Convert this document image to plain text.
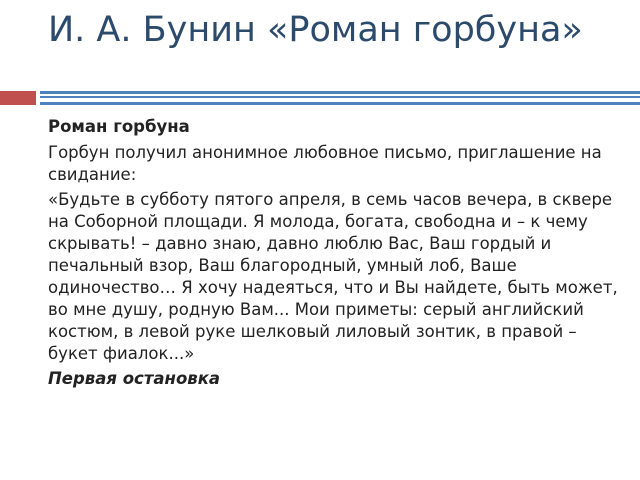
И. А. Бунин «Роман горбуна»

Роман горбуна

Горбун получил анонимное любовное письмо, приглашение на свидание:

«Будьте в субботу пятого апреля, в семь часов вечера, в сквере на Соборной площади. Я молода, богата, свободна и – к чему скрывать! – давно знаю, давно люблю Вас, Ваш гордый и печальный взор, Ваш благородный, умный лоб, Ваше одиночество… Я хочу надеяться, что и Вы найдете, быть может, во мне душу, родную Вам... Мои приметы: серый английский костюм, в левой руке шелковый лиловый зонтик, в правой – букет фиалок...»

Первая остановка
